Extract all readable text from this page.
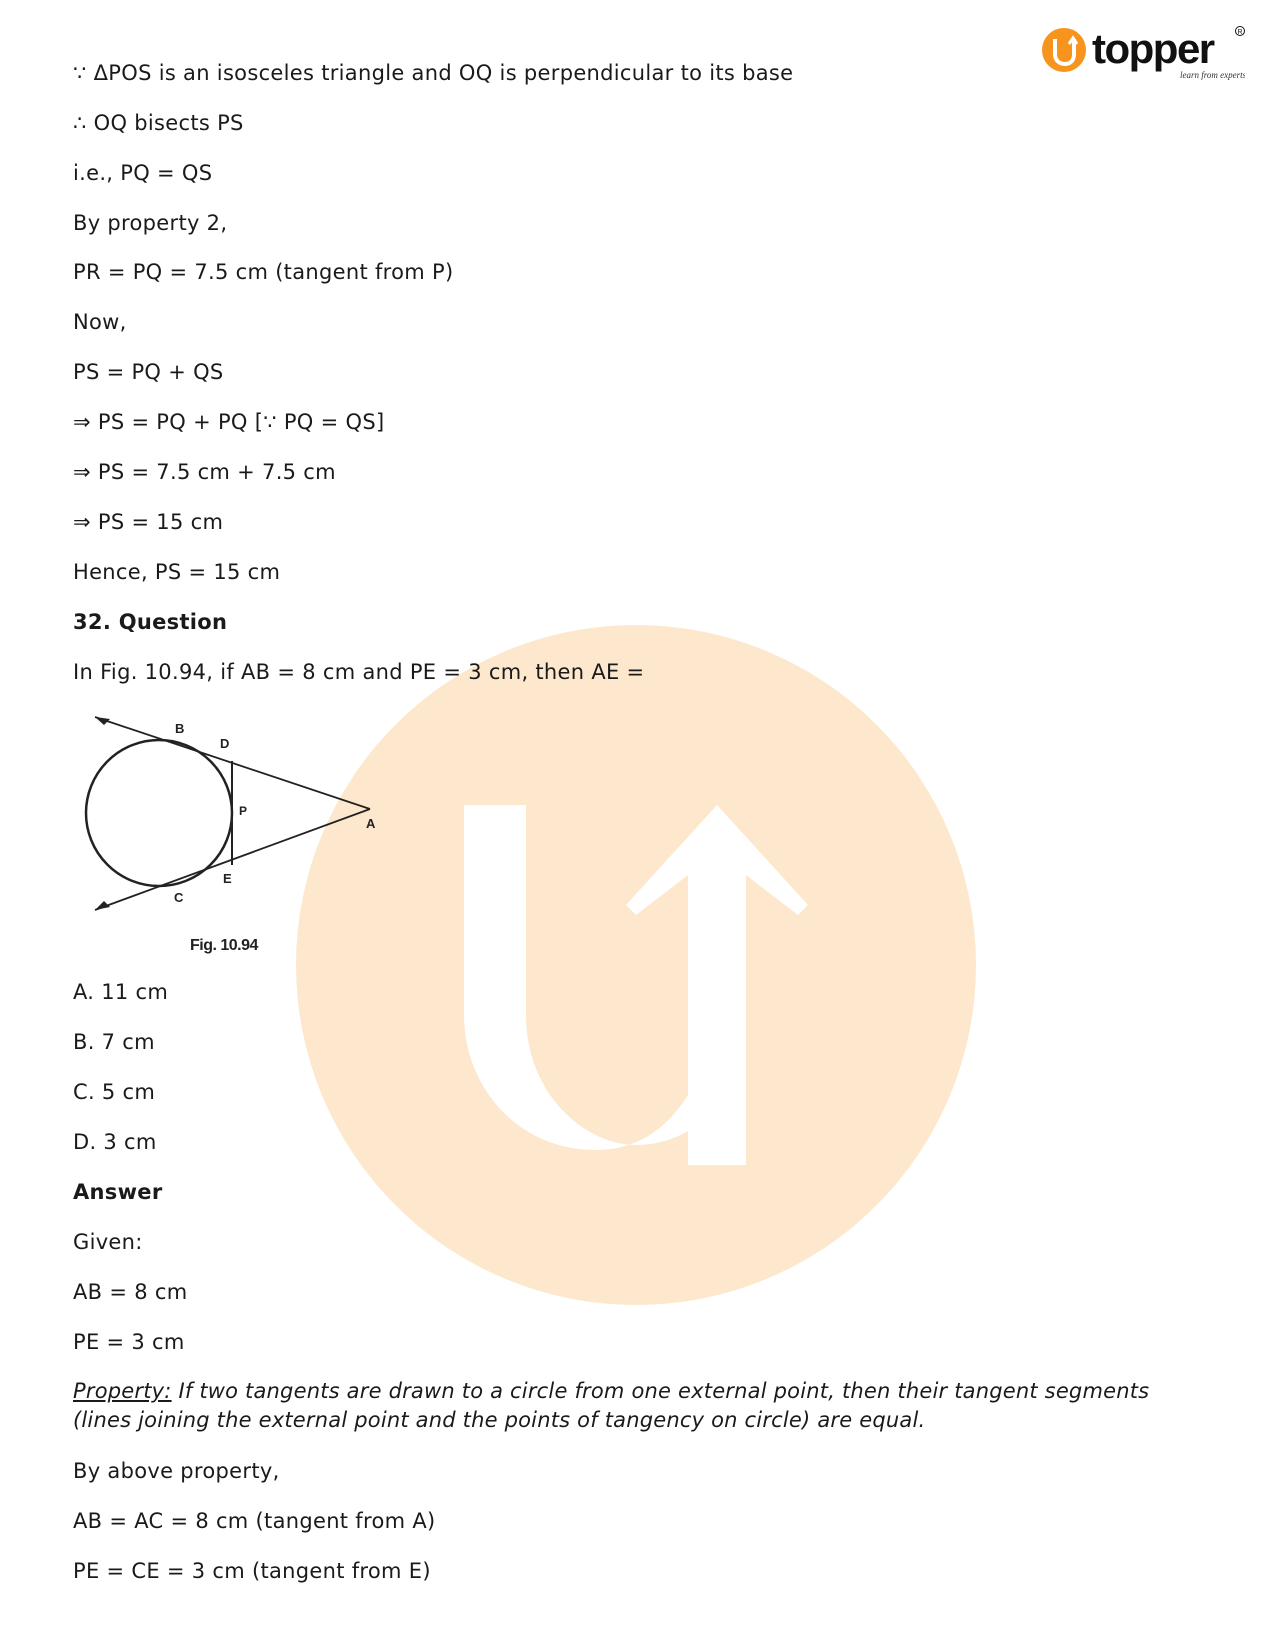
topper
learn from experts
R
∵ ΔPOS is an isosceles triangle and OQ is perpendicular to its base
∴ OQ bisects PS
i.e., PQ = QS
By property 2,
PR = PQ = 7.5 cm (tangent from P)
Now,
PS = PQ + QS
⇒ PS = PQ + PQ [∵ PQ = QS]
⇒ PS = 7.5 cm + 7.5 cm
⇒ PS = 15 cm
Hence, PS = 15 cm
32. Question
In Fig. 10.94, if AB = 8 cm and PE = 3 cm, then AE =
A. 11 cm
B. 7 cm
C. 5 cm
D. 3 cm
Answer
Given:
AB = 8 cm
PE = 3 cm
Property: If two tangents are drawn to a circle from one external point, then their tangent segments (lines joining the external point and the points of tangency on circle) are equal.
By above property,
AB = AC = 8 cm (tangent from A)
PE = CE = 3 cm (tangent from E)
B
D
P
A
E
C
Fig. 10.94
